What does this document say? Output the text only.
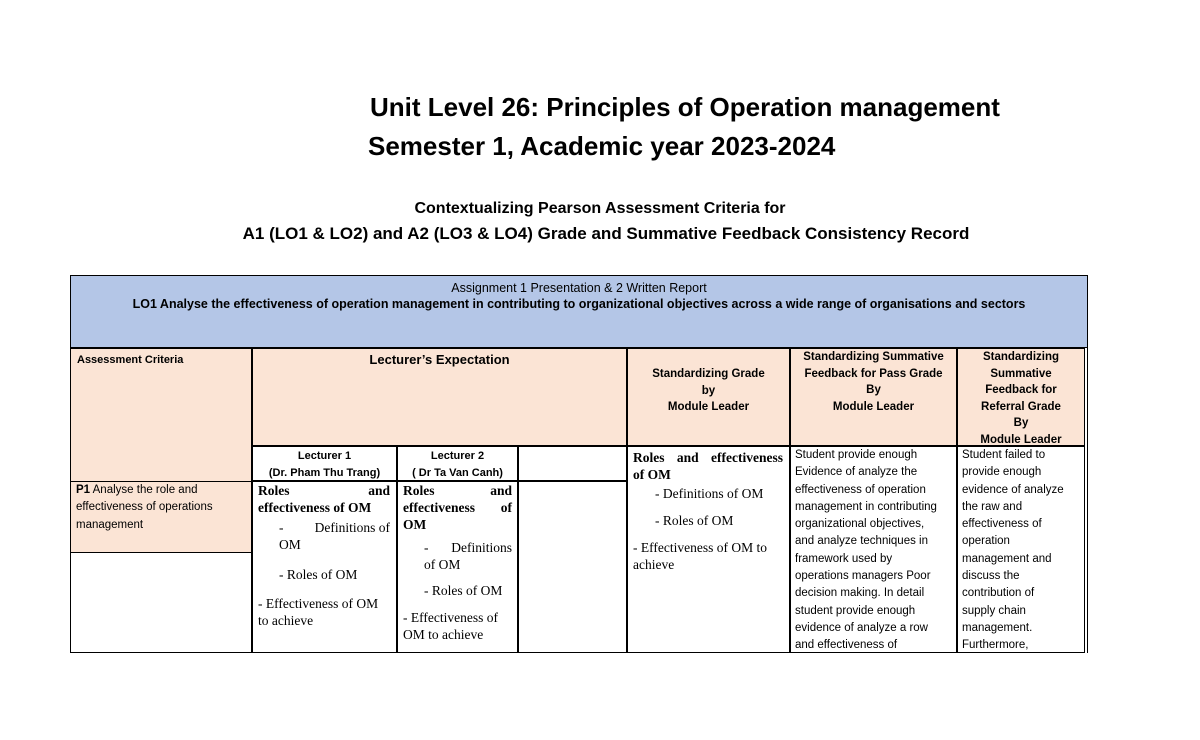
Unit Level 26: Principles of Operation management
Semester 1, Academic year 2023-2024
Contextualizing Pearson Assessment Criteria for
A1 (LO1 & LO2) and A2 (LO3 & LO4) Grade and Summative Feedback Consistency Record
Assignment 1 Presentation & 2 Written Report
LO1 Analyse the effectiveness of operation management in contributing to organizational objectives across a wide range of organisations and sectors
Assessment Criteria	Lecturer’s Expectation
Standardizing Grade
by
Module Leader
Standardizing Summative
Feedback for Pass Grade
By
Module Leader
Standardizing
Summative
Feedback for
Referral Grade
By
Module Leader
Lecturer 1
(Dr. Pham Thu Trang)
Lecturer 2
( Dr Ta Van Canh)
P1 Analyse the role and
effectiveness of operations
management
Roles and
effectiveness of OM
- Definitions of
OM
- Roles of OM
- Effectiveness of OM
to achieve
Roles and
effectiveness of
OM
- Definitions
of OM
- Roles of OM
- Effectiveness of
OM to achieve
Roles and effectiveness
of OM
- Definitions of OM
- Roles of OM
- Effectiveness of OM to
achieve
Student provide enough
Evidence of analyze the
effectiveness of operation
management in contributing
organizational objectives,
and analyze techniques in
framework used by
operations managers Poor
decision making. In detail
student provide enough
evidence of analyze a row
and effectiveness of
Student failed to
provide enough
evidence of analyze
the raw and
effectiveness of
operation
management and
discuss the
contribution of
supply chain
management.
Furthermore,
